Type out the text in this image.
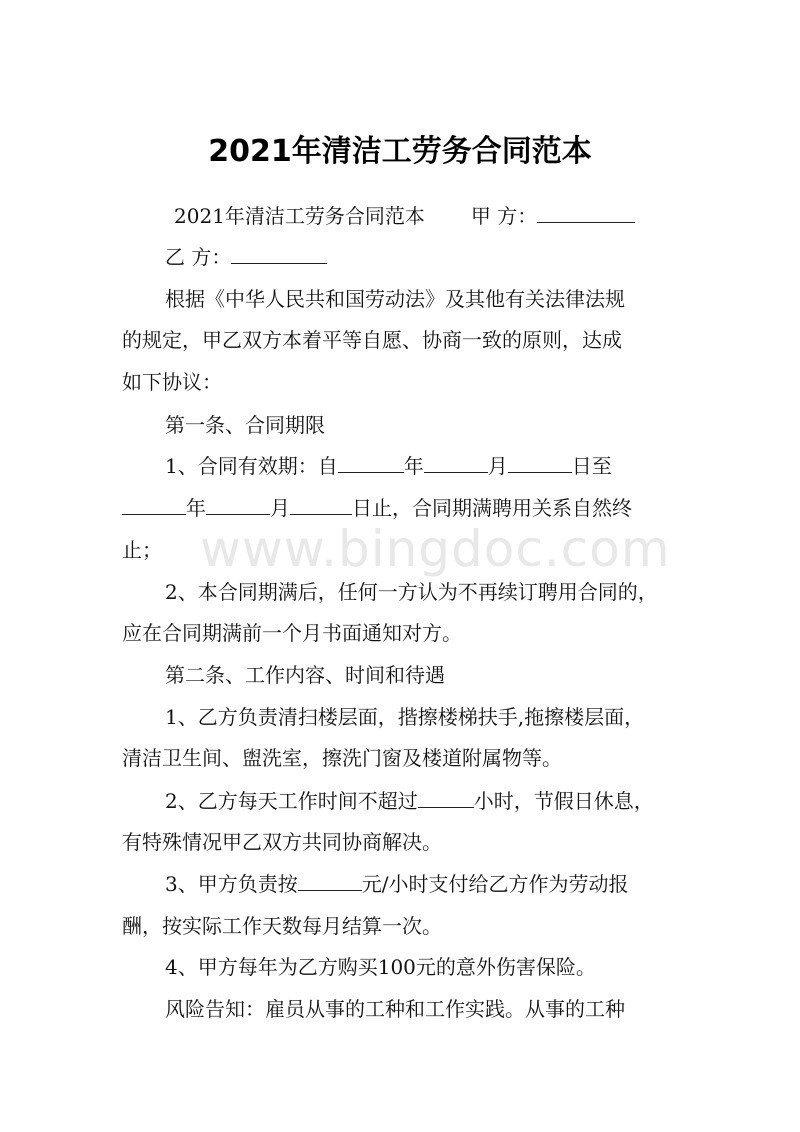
www.bingdoc.com
2021年清洁工劳务合同范本
2021年清洁工劳务合同范本 甲 方：
乙 方：
根据《中华人民共和国劳动法》及其他有关法律法规
的规定，甲乙双方本着平等自愿、协商一致的原则，达成
如下协议：
第一条、合同期限
1、合同有效期：自	年	月	日至
年	月	日止，合同期满聘用关系自然终
止；
2、本合同期满后，任何一方认为不再续订聘用合同的，
应在合同期满前一个月书面通知对方。
第二条、工作内容、时间和待遇
1、乙方负责清扫楼层面，揩擦楼梯扶手,拖擦楼层面，
清洁卫生间、盥洗室，擦洗门窗及楼道附属物等。
2、乙方每天工作时间不超过	小时，节假日休息，
有特殊情况甲乙双方共同协商解决。
3、甲方负责按	元/小时支付给乙方作为劳动报
酬，按实际工作天数每月结算一次。
4、甲方每年为乙方购买100元的意外伤害保险。
风险告知：雇员从事的工种和工作实践。从事的工种
